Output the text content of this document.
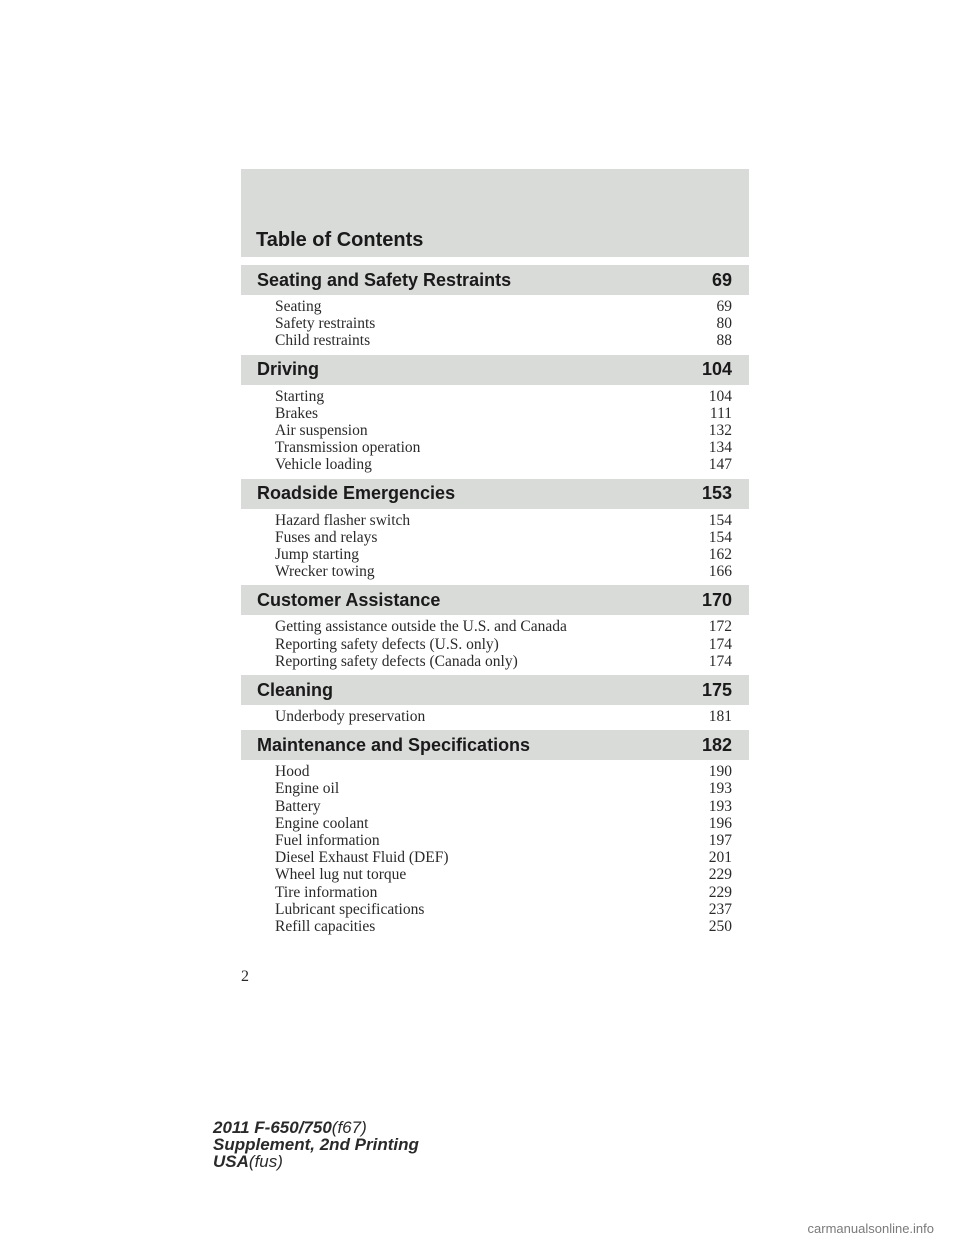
Table of Contents
Seating and Safety Restraints	69
Seating	69
Safety restraints	80
Child restraints	88
Driving	104
Starting	104
Brakes	111
Air suspension	132
Transmission operation	134
Vehicle loading	147
Roadside Emergencies	153
Hazard flasher switch	154
Fuses and relays	154
Jump starting	162
Wrecker towing	166
Customer Assistance	170
Getting assistance outside the U.S. and Canada	172
Reporting safety defects (U.S. only)	174
Reporting safety defects (Canada only)	174
Cleaning	175
Underbody preservation	181
Maintenance and Specifications	182
Hood	190
Engine oil	193
Battery	193
Engine coolant	196
Fuel information	197
Diesel Exhaust Fluid (DEF)	201
Wheel lug nut torque	229
Tire information	229
Lubricant specifications	237
Refill capacities	250
2
2011 F-650/750(f67)
Supplement, 2nd Printing
USA(fus)
carmanualsonline.info
